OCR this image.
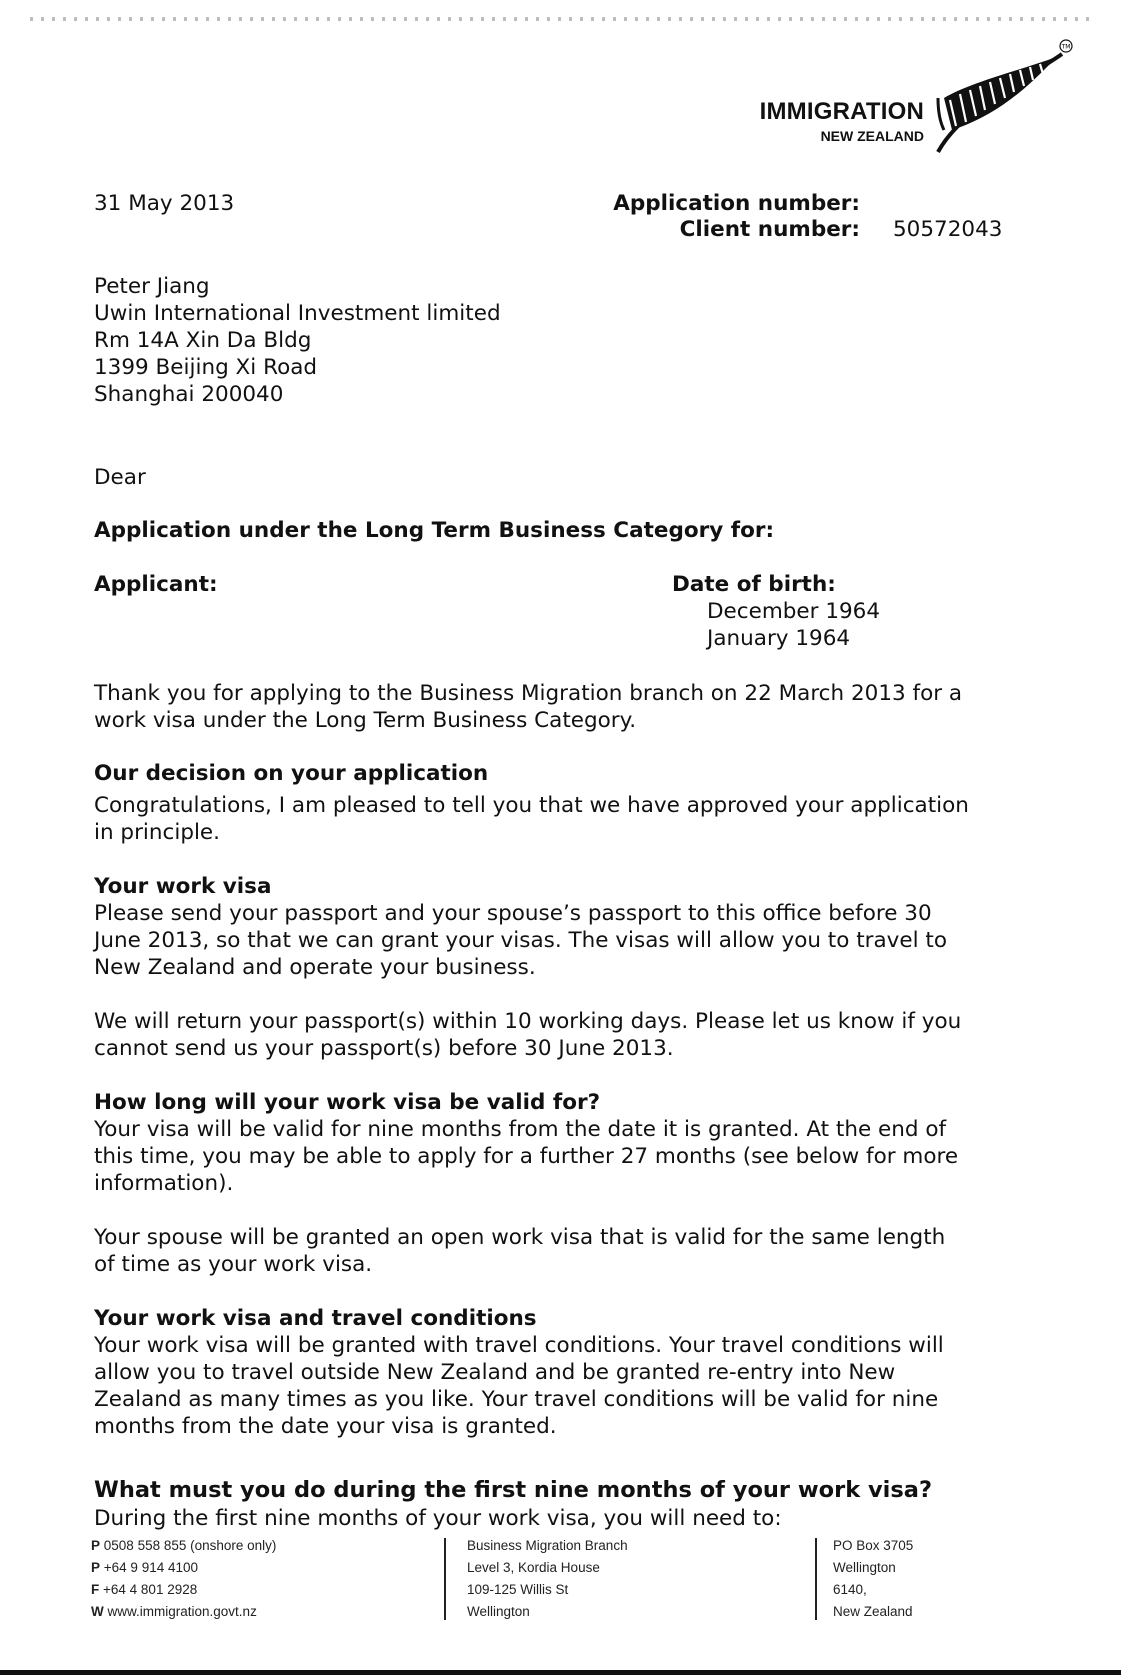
IMMIGRATION
NEW ZEALAND
TM
31 May 2013	Application number:
Client number: 50572043
Peter Jiang
Uwin International Investment limited
Rm 14A Xin Da Bldg
1399 Beijing Xi Road
Shanghai 200040
Dear
Application under the Long Term Business Category for:
Applicant:	Date of birth:
December 1964
January 1964
Thank you for applying to the Business Migration branch on 22 March 2013 for a
work visa under the Long Term Business Category.
Our decision on your application
Congratulations, I am pleased to tell you that we have approved your application
in principle.
Your work visa
Please send your passport and your spouse’s passport to this office before 30
June 2013, so that we can grant your visas. The visas will allow you to travel to
New Zealand and operate your business.
We will return your passport(s) within 10 working days. Please let us know if you
cannot send us your passport(s) before 30 June 2013.
How long will your work visa be valid for?
Your visa will be valid for nine months from the date it is granted. At the end of
this time, you may be able to apply for a further 27 months (see below for more
information).
Your spouse will be granted an open work visa that is valid for the same length
of time as your work visa.
Your work visa and travel conditions
Your work visa will be granted with travel conditions. Your travel conditions will
allow you to travel outside New Zealand and be granted re-entry into New
Zealand as many times as you like. Your travel conditions will be valid for nine
months from the date your visa is granted.
What must you do during the first nine months of your work visa?
During the first nine months of your work visa, you will need to:
P 0508 558 855 (onshore only)
P +64 9 914 4100
F +64 4 801 2928
W www.immigration.govt.nz
Business Migration Branch
Level 3, Kordia House
109-125 Willis St
Wellington
PO Box 3705
Wellington
6140,
New Zealand
